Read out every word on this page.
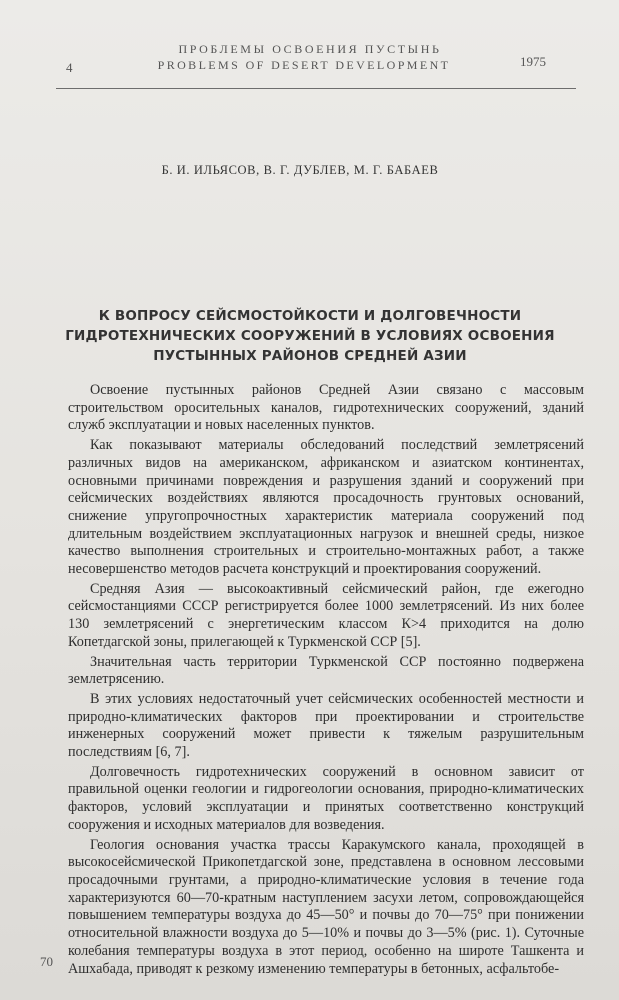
4
ПРОБЛЕМЫ ОСВОЕНИЯ ПУСТЫНЬ
PROBLEMS OF DESERT DEVELOPMENT	1975
Б. И. ИЛЬЯСОВ, В. Г. ДУБЛЕВ, М. Г. БАБАЕВ
К ВОПРОСУ СЕЙСМОСТОЙКОСТИ И ДОЛГОВЕЧНОСТИ ГИДРОТЕХНИЧЕСКИХ СООРУЖЕНИЙ В УСЛОВИЯХ ОСВОЕНИЯ ПУСТЫННЫХ РАЙОНОВ СРЕДНЕЙ АЗИИ

Освоение пустынных районов Средней Азии связано с массовым строительством оросительных каналов, гидротехнических сооружений, зданий служб эксплуатации и новых населенных пунктов.

Как показывают материалы обследований последствий землетрясений различных видов на американском, африканском и азиатском континентах, основными причинами повреждения и разрушения зданий и сооружений при сейсмических воздействиях являются просадочность грунтовых оснований, снижение упругопрочностных характеристик материала сооружений под длительным воздействием эксплуатационных нагрузок и внешней среды, низкое качество выполнения строительных и строительно-монтажных работ, а также несовершенство методов расчета конструкций и проектирования сооружений.

Средняя Азия — высокоактивный сейсмический район, где ежегодно сейсмостанциями СССР регистрируется более 1000 землетрясений. Из них более 130 землетрясений с энергетическим классом К>4 приходится на долю Копетдагской зоны, прилегающей к Туркменской ССР [5].

Значительная часть территории Туркменской ССР постоянно подвержена землетрясению.

В этих условиях недостаточный учет сейсмических особенностей местности и природно-климатических факторов при проектировании и строительстве инженерных сооружений может привести к тяжелым разрушительным последствиям [6, 7].

Долговечность гидротехнических сооружений в основном зависит от правильной оценки геологии и гидрогеологии основания, природно-климатических факторов, условий эксплуатации и принятых соответственно конструкций сооружения и исходных материалов для возведения.

Геология основания участка трассы Каракумского канала, проходящей в высокосейсмической Прикопетдагской зоне, представлена в основном лессовыми просадочными грунтами, а природно-климатические условия в течение года характеризуются 60—70-кратным наступлением засухи летом, сопровождающейся повышением температуры воздуха до 45—50° и почвы до 70—75° при понижении относительной влажности воздуха до 5—10% и почвы до 3—5% (рис. 1). Суточные колебания температуры воздуха в этот период, особенно на широте Ташкента и Ашхабада, приводят к резкому изменению температуры в бетонных, асфальтобе-

70
